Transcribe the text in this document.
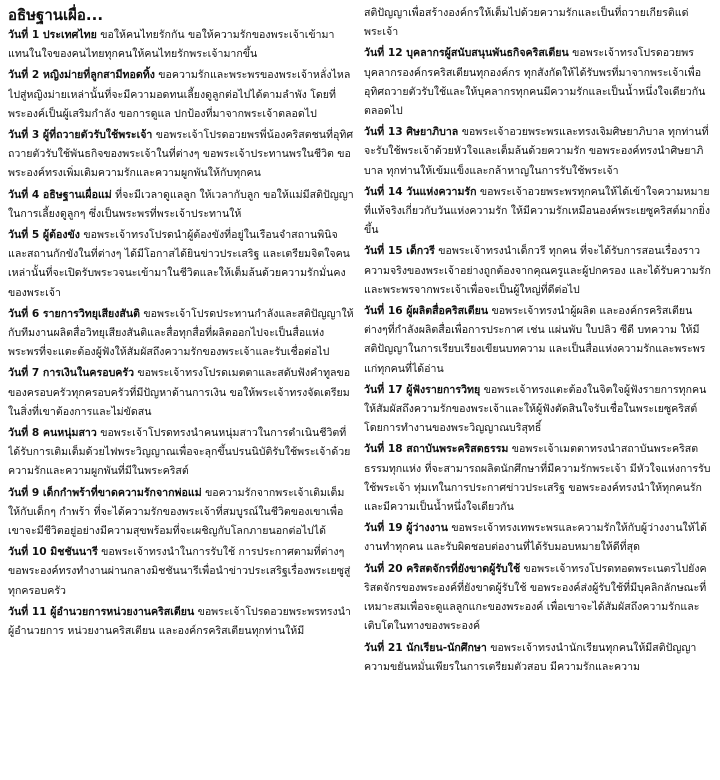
อธิษฐานเผื่อ...
วันที่ 1 ประเทศไทย ขอให้คนไทยรักกัน ขอให้ความรักของพระเจ้าเข้ามาแทนในใจของคนไทยทุกคนให้คนไทยรักพระเจ้ามากขึ้น
วันที่ 2 หญิงม่ายที่ลูกสามีทอดทิ้ง ขอความรักและพระพรของพระเจ้าหลั่งไหลไปสู่หญิงม่ายเหล่านั้นที่จะมีความอดทนเลี้ยงดูลูกต่อไปได้ตามลำพัง โดยที่พระองค์เป็นผู้เสริมกำลัง ขอการดูแล ปกป้องที่มาจากพระเจ้าตลอดไป
วันที่ 3 ผู้ที่ถวายตัวรับใช้พระเจ้า ขอพระเจ้าโปรดอวยพรพี่น้องคริสตชนที่อุทิศถวายตัวรับใช้พันธกิจของพระเจ้าในที่ต่างๆ ขอพระเจ้าประทานพรในชีวิต ขอพระองค์ทรงเพิ่มเติมความรักและความผูกพันให้กับทุกคน
วันที่ 4 อธิษฐานเผื่อแม่ ที่จะมีเวลาดูแลลูก ให้เวลากับลูก ขอให้แม่มีสติปัญญาในการเลี้ยงดูลูกๆ ซึ่งเป็นพระพรที่พระเจ้าประทานให้
วันที่ 5 ผู้ต้องขัง ขอพระเจ้าทรงโปรดนำผู้ต้องขังที่อยู่ในเรือนจำสถานพินิจและสถานกักขังในที่ต่างๆ ได้มีโอกาสได้ยินข่าวประเสริฐ และเตรียมจิตใจคนเหล่านั้นที่จะเปิดรับพระวจนะเข้ามาในชีวิตและให้เต็มล้นด้วยความรักมั่นคงของพระเจ้า
วันที่ 6 รายการวิทยุเสียงสันติ ขอพระเจ้าโปรดประทานกำลังและสติปัญญาให้กับทีมงานผลิตสื่อวิทยุเสียงสันติและสื่อทุกสื่อที่ผลิตออกไปจะเป็นสื่อแห่งพระพรที่จะแตะต้องผู้ฟังให้สัมผัสถึงความรักของพระเจ้าและรับเชื่อต่อไป
วันที่ 7 การเงินในครอบครัว ขอพระเจ้าทรงโปรดเมตตาและสดับฟังคำทูลขอของครอบครัวทุกครอบครัวที่มีปัญหาด้านการเงิน ขอให้พระเจ้าทรงจัดเตรียมในสิ่งที่เขาต้องการและไม่ขัดสน
วันที่ 8 คนหนุ่มสาว ขอพระเจ้าโปรดทรงนำคนหนุ่มสาวในการดำเนินชีวิตที่ได้รับการเติมเต็มด้วยไฟพระวิญญาณเพื่อจะลุกขึ้นปรนนิบัติรับใช้พระเจ้าด้วยความรักและความผูกพันที่มีในพระคริสต์
วันที่ 9 เด็กกำพร้าที่ขาดความรักจากพ่อแม่ ขอความรักจากพระเจ้าเติมเต็มให้กับเด็กๆ กำพร้า ที่จะได้ความรักของพระเจ้าที่สมบูรณ์ในชีวิตของเขาเพื่อเขาจะมีชีวิตอยู่อย่างมีความสุขพร้อมที่จะเผชิญกับโลกภายนอกต่อไปได้
วันที่ 10 มิชชันนารี ขอพระเจ้าทรงนำในการรับใช้ การประกาศตามที่ต่างๆ ขอพระองค์ทรงทำงานผ่านกลางมิชชันนารีเพื่อนำข่าวประเสริฐเรื่องพระเยซูสู่ทุกครอบครัว
วันที่ 11 ผู้อำนวยการหน่วยงานคริสเตียน ขอพระเจ้าโปรดอวยพระพรทรงนำผู้อำนวยการ หน่วยงานคริสเตียน และองค์กรคริสเตียนทุกท่านให้มี
สติปัญญาเพื่อสร้างองค์กรให้เต็มไปด้วยความรักและเป็นที่ถวายเกียรติแด่พระเจ้า
วันที่ 12 บุคลากรผู้สนับสนุนพันธกิจคริสเตียน ขอพระเจ้าทรงโปรดอวยพรบุคลากรองค์กรคริสเตียนทุกองค์กร ทุกสังกัดให้ได้รับพรที่มาจากพระเจ้าเพื่ออุทิศถวายตัวรับใช้และให้บุคลากรทุกคนมีความรักและเป็นน้ำหนึ่งใจเดียวกันตลอดไป
วันที่ 13 ศิษยาภิบาล ขอพระเจ้าอวยพระพรและทรงเจิมศิษยาภิบาล ทุกท่านที่จะรับใช้พระเจ้าด้วยหัวใจและเต็มล้นด้วยความรัก ขอพระองค์ทรงนำศิษยาภิบาล ทุกท่านให้เข้มแข็งและกล้าหาญในการรับใช้พระเจ้า
วันที่ 14 วันแห่งความรัก ขอพระเจ้าอวยพระพรทุกคนให้ได้เข้าใจความหมายที่แท้จริงเกี่ยวกับวันแห่งความรัก ให้มีความรักเหมือนองค์พระเยซูคริสต์มากยิ่งขึ้น
วันที่ 15 เด็กวรี ขอพระเจ้าทรงนำเด็กวรี ทุกคน ที่จะได้รับการสอนเรื่องราวความจริงของพระเจ้าอย่างถูกต้องจากคุณครูและผู้ปกครอง และได้รับความรักและพระพรจากพระเจ้าเพื่อจะเป็นผู้ใหญ่ที่ดีต่อไป
วันที่ 16 ผู้ผลิตสื่อคริสเตียน ขอพระเจ้าทรงนำผู้ผลิต และองค์กรคริสเตียนต่างๆที่กำลังผลิตสื่อเพื่อการประกาศ เช่น แผ่นพับ ใบปลิว ซีดี บทความ ให้มีสติปัญญาในการเรียบเรียงเขียนบทความ และเป็นสื่อแห่งความรักและพระพรแก่ทุกคนที่ได้อ่าน
วันที่ 17 ผู้ฟังรายการวิทยุ ขอพระเจ้าทรงแตะต้องในจิตใจผู้ฟังรายการทุกคนให้สัมผัสถึงความรักของพระเจ้าและให้ผู้ฟังตัดสินใจรับเชื่อในพระเยซูคริสต์โดยการทำงานของพระวิญญาณบริสุทธิ์
วันที่ 18 สถาบันพระคริสตธรรม ขอพระเจ้าเมตตาทรงนำสถาบันพระคริสตธรรมทุกแห่ง ที่จะสามารถผลิตนักศึกษาที่มีความรักพระเจ้า มีหัวใจแห่งการรับใช้พระเจ้า ทุ่มเทในการประกาศข่าวประเสริฐ ขอพระองค์ทรงนำให้ทุกคนรักและมีความเป็นน้ำหนึ่งใจเดียวกัน
วันที่ 19 ผู้ว่างงาน ขอพระเจ้าทรงเทพระพรและความรักให้กับผู้ว่างงานให้ได้งานทำทุกคน และรับผิดชอบต่องานที่ได้รับมอบหมายให้ดีที่สุด
วันที่ 20 คริสตจักรที่ยังขาดผู้รับใช้ ขอพระเจ้าทรงโปรดทอดพระเนตรไปยังคริสตจักรของพระองค์ที่ยังขาดผู้รับใช้ ขอพระองค์ส่งผู้รับใช้ที่มีบุคลิกลักษณะที่เหมาะสมเพื่อจะดูแลลูกแกะของพระองค์ เพื่อเขาจะได้สัมผัสถึงความรักและเติบโตในทางของพระองค์
วันที่ 21 นักเรียน-นักศึกษา ขอพระเจ้าทรงนำนักเรียนทุกคนให้มีสติปัญญา ความขยันหมั่นเพียรในการเตรียมตัวสอบ มีความรักและความ
